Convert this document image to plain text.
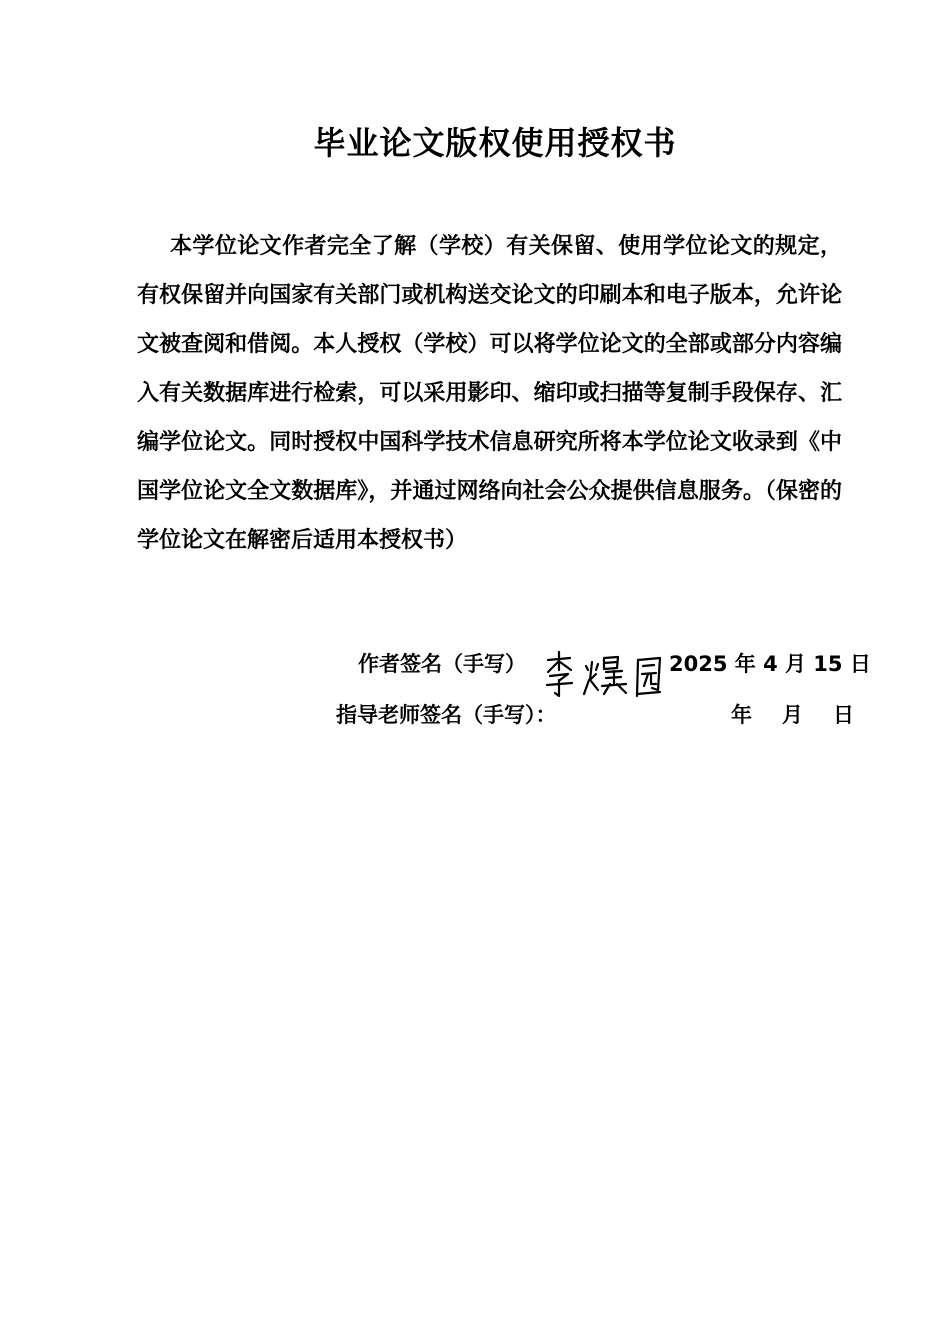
毕业论文版权使用授权书
本学位论文作者完全了解（学校）有关保留、使用学位论文的规定，有权保留并向国家有关部门或机构送交论文的印刷本和电子版本，允许论文被查阅和借阅。本人授权（学校）可以将学位论文的全部或部分内容编入有关数据库进行检索，可以采用影印、缩印或扫描等复制手段保存、汇编学位论文。同时授权中国科学技术信息研究所将本学位论文收录到《中国学位论文全文数据库》，并通过网络向社会公众提供信息服务。（保密的学位论文在解密后适用本授权书）
作者签名（手写）	2025 年 4 月 15 日
指导老师签名（手写）：	年 月 日
